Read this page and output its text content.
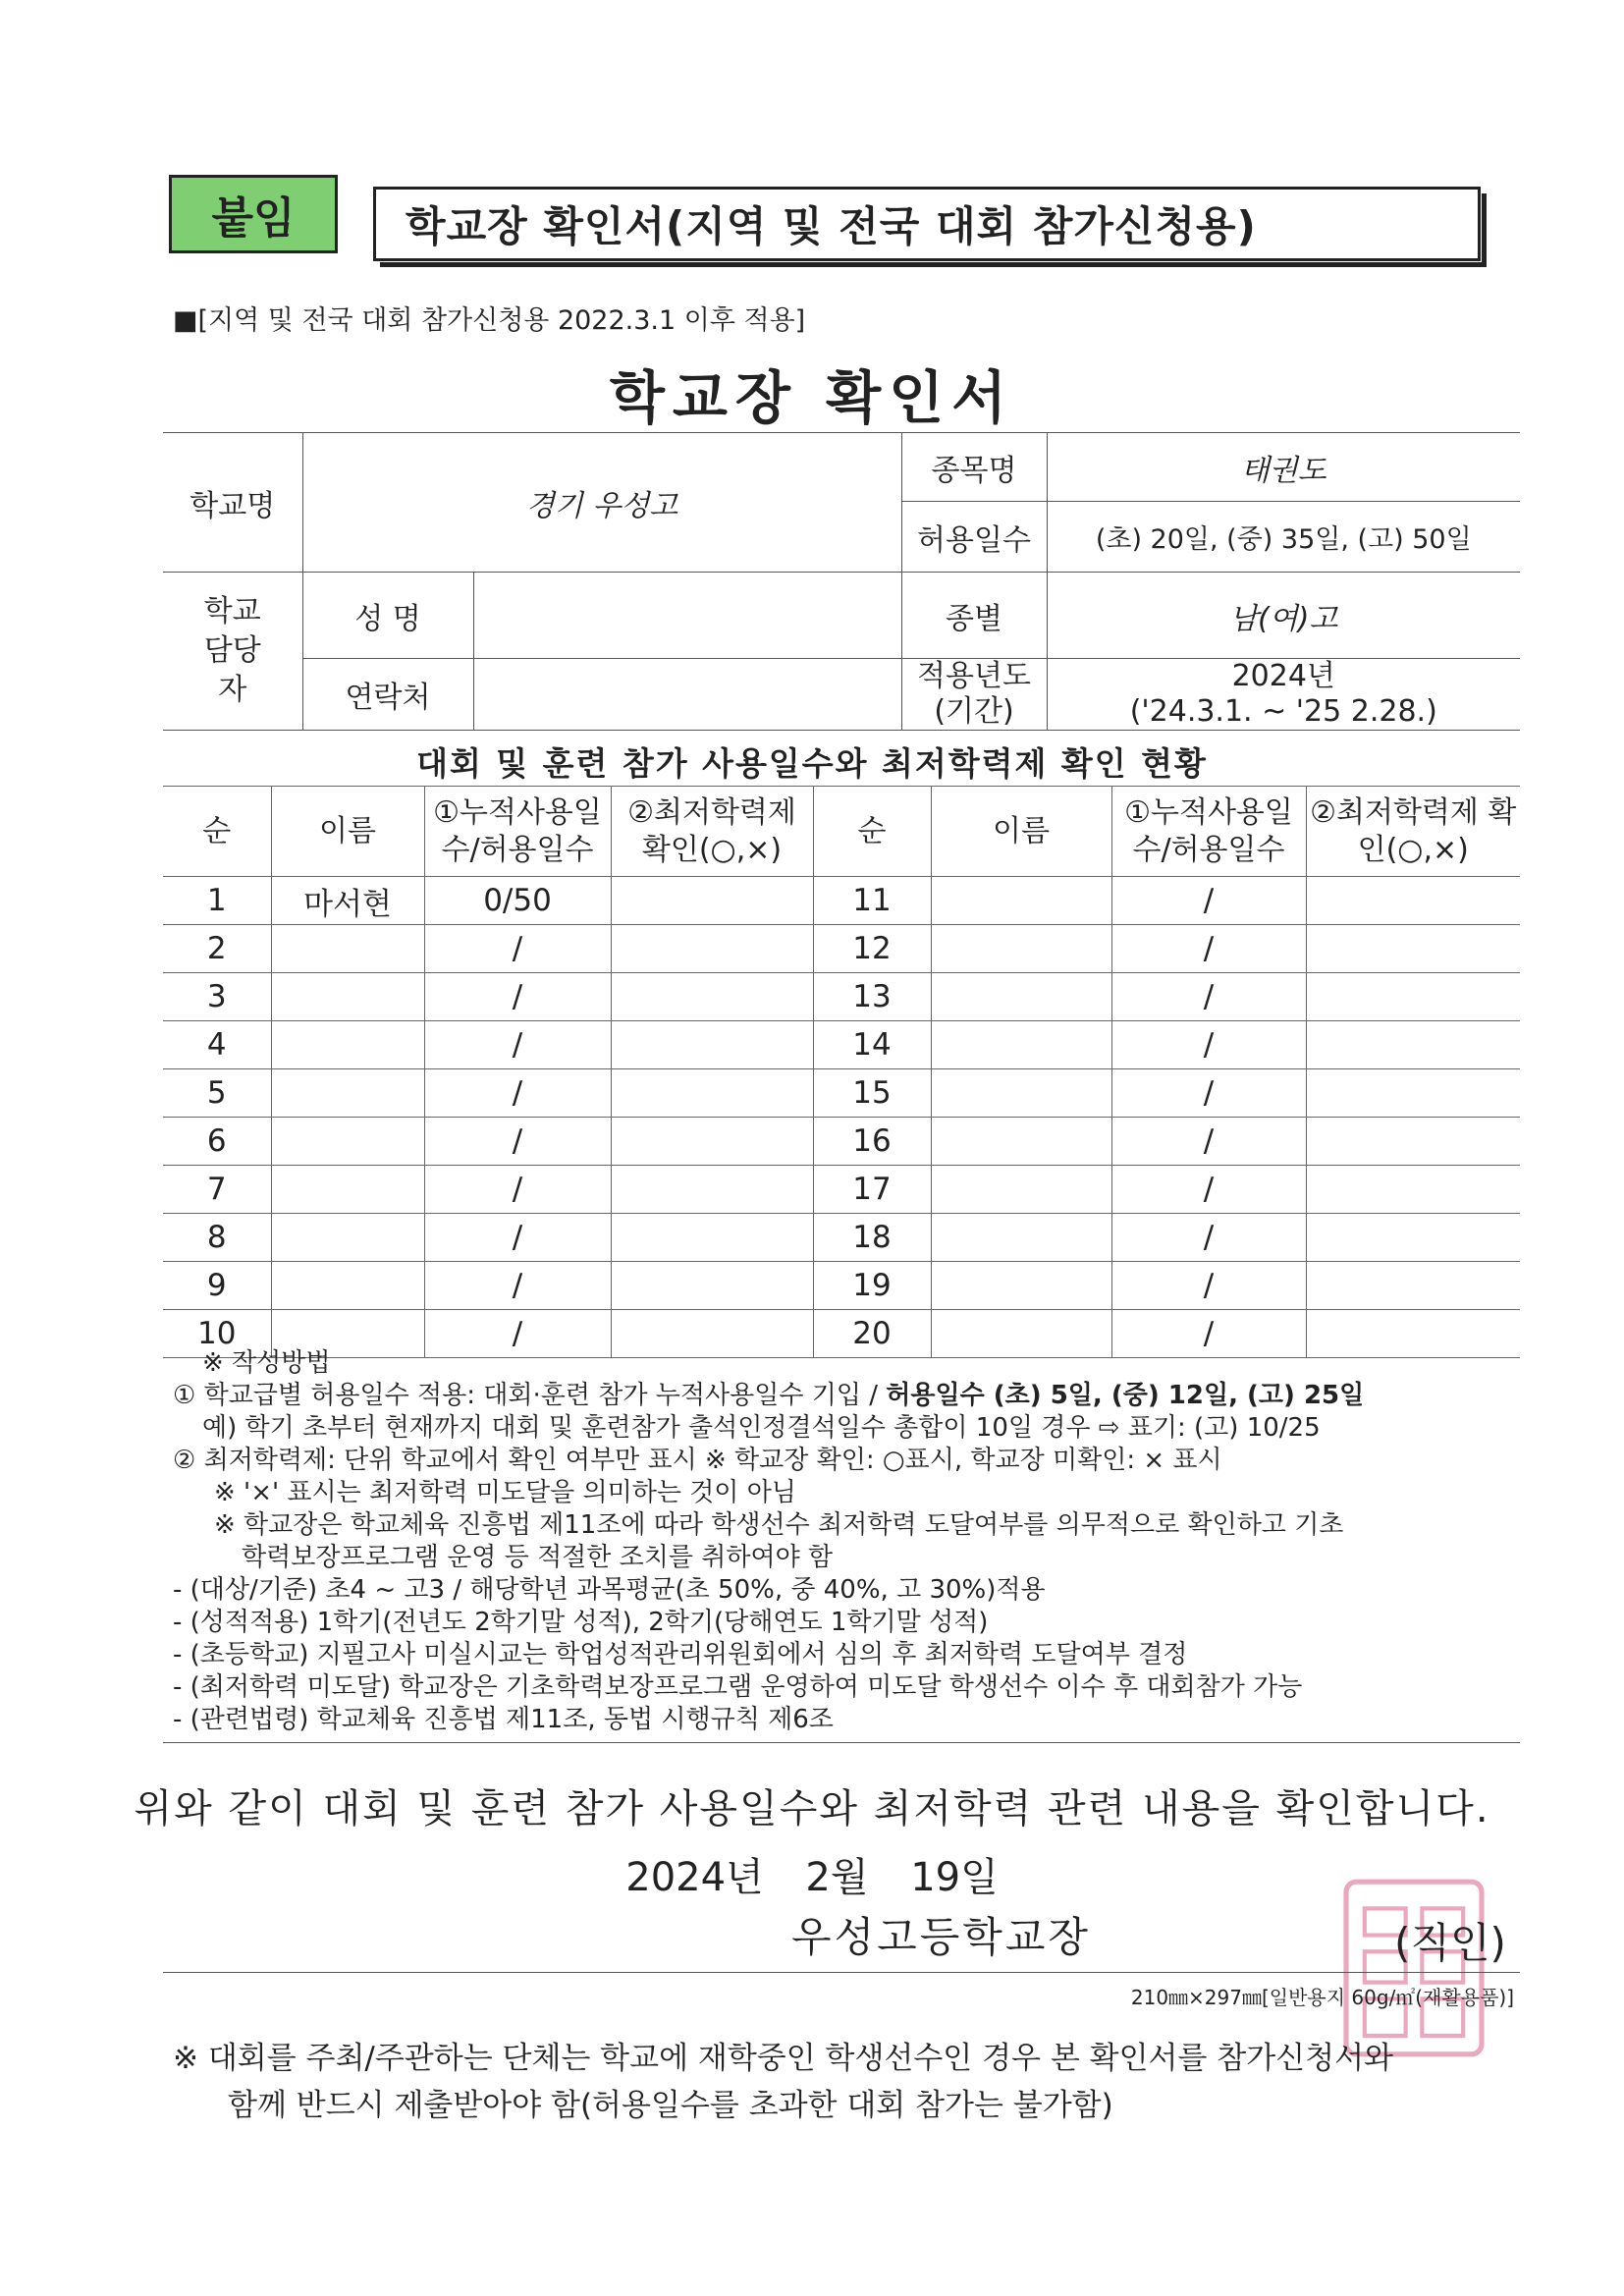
붙임	학교장 확인서(지역 및 전국 대회 참가신청용)
■[지역 및 전국 대회 참가신청용 2022.3.1 이후 적용]
학교장 확인서
학교명	경기 우성고		종목명	태권도
			허용일수	(초) 20일, (중) 35일, (고) 50일
학교 담당자	성 명		종별	남(여)고
	연락처		적용년도 (기간)	2024년
('24.3.1. ~ '25 2.28.)
대회 및 훈련 참가 사용일수와 최저학력제 확인 현황
순	이름	①누적사용일수/허용일수	②최저학력제 확인(○,×)	순	이름	①누적사용일수/허용일수	②최저학력제 확인(○,×)
1	마서현	0/50		11		/	
2		/		12		/	
3		/		13		/	
4		/		14		/	
5		/		15		/	
6		/		16		/	
7		/		17		/	
8		/		18		/	
9		/		19		/	
10		/		20		/	
※ 작성방법
① 학교급별 허용일수 적용: 대회·훈련 참가 누적사용일수 기입 / 허용일수 (초) 5일, (중) 12일, (고) 25일
예) 학기 초부터 현재까지 대회 및 훈련참가 출석인정결석일수 총합이 10일 경우 ⇨ 표기: (고) 10/25
② 최저학력제: 단위 학교에서 확인 여부만 표시 ※ 학교장 확인: ○표시, 학교장 미확인: × 표시
※ '×' 표시는 최저학력 미도달을 의미하는 것이 아님
※ 학교장은 학교체육 진흥법 제11조에 따라 학생선수 최저학력 도달여부를 의무적으로 확인하고 기초
학력보장프로그램 운영 등 적절한 조치를 취하여야 함
- (대상/기준) 초4 ~ 고3 / 해당학년 과목평균(초 50%, 중 40%, 고 30%)적용
- (성적적용) 1학기(전년도 2학기말 성적), 2학기(당해연도 1학기말 성적)
- (초등학교) 지필고사 미실시교는 학업성적관리위원회에서 심의 후 최저학력 도달여부 결정
- (최저학력 미도달) 학교장은 기초학력보장프로그램 운영하여 미도달 학생선수 이수 후 대회참가 가능
- (관련법령) 학교체육 진흥법 제11조, 동법 시행규칙 제6조
위와 같이 대회 및 훈련 참가 사용일수와 최저학력 관련 내용을 확인합니다.
2024년 2월 19일
우성고등학교장	(직인)
210㎜×297㎜[일반용지 60g/㎡(재활용품)]
※ 대회를 주최/주관하는 단체는 학교에 재학중인 학생선수인 경우 본 확인서를 참가신청서와
함께 반드시 제출받아야 함(허용일수를 초과한 대회 참가는 불가함)
